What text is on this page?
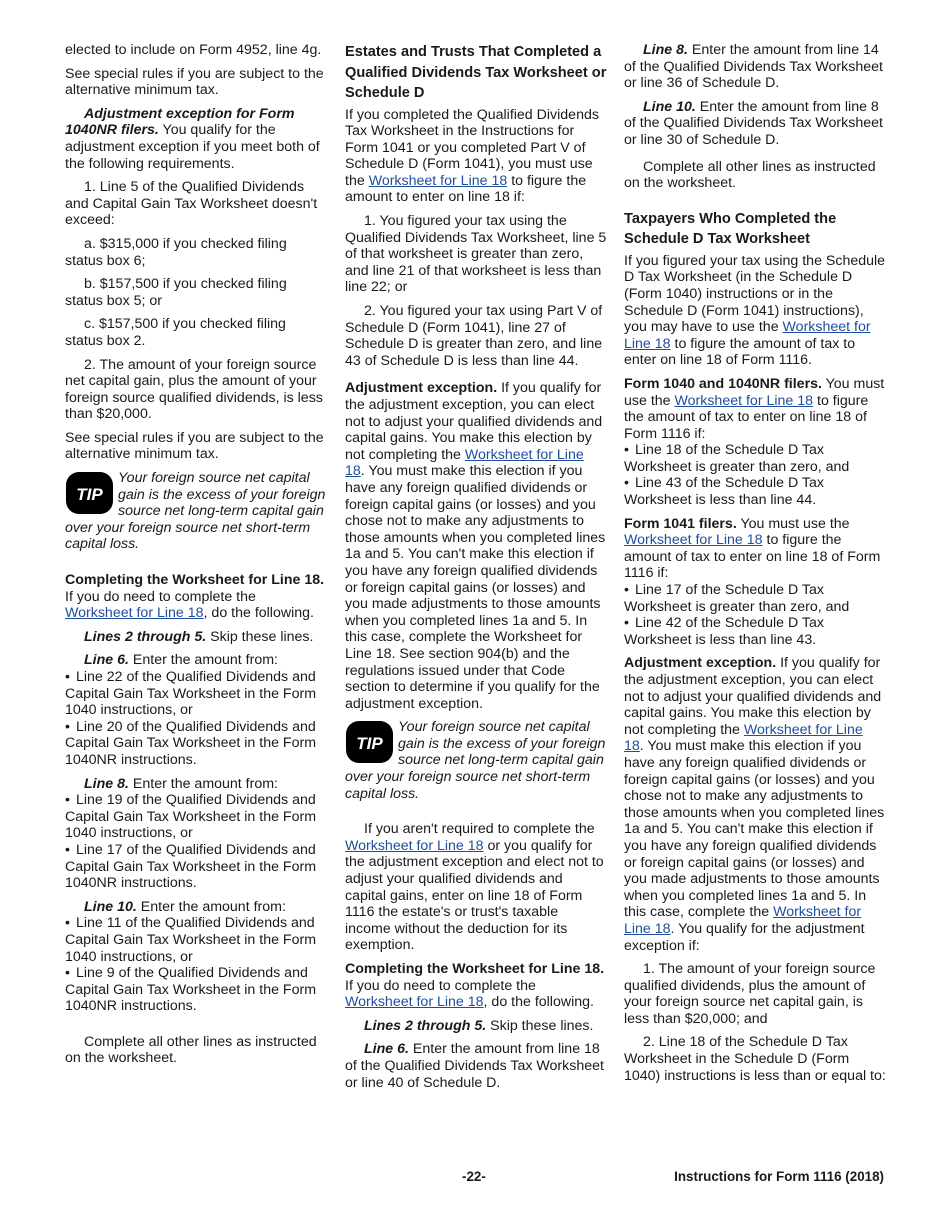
elected to include on Form 4952, line 4g.

See special rules if you are subject to the alternative minimum tax.

Adjustment exception for Form 1040NR filers. You qualify for the adjustment exception if you meet both of the following requirements.

1. Line 5 of the Qualified Dividends and Capital Gain Tax Worksheet doesn't exceed:

a. $315,000 if you checked filing status box 6;

b. $157,500 if you checked filing status box 5; or

c. $157,500 if you checked filing status box 2.

2. The amount of your foreign source net capital gain, plus the amount of your foreign source qualified dividends, is less than $20,000.

See special rules if you are subject to the alternative minimum tax.

TIP
Your foreign source net capital gain is the excess of your foreign source net long-term capital gain over your foreign source net short-term capital loss.

Completing the Worksheet for Line 18. If you do need to complete the Worksheet for Line 18, do the following.

Lines 2 through 5. Skip these lines.

Line 6. Enter the amount from:
• Line 22 of the Qualified Dividends and Capital Gain Tax Worksheet in the Form 1040 instructions, or
• Line 20 of the Qualified Dividends and Capital Gain Tax Worksheet in the Form 1040NR instructions.

Line 8. Enter the amount from:
• Line 19 of the Qualified Dividends and Capital Gain Tax Worksheet in the Form 1040 instructions, or
• Line 17 of the Qualified Dividends and Capital Gain Tax Worksheet in the Form 1040NR instructions.

Line 10. Enter the amount from:
• Line 11 of the Qualified Dividends and Capital Gain Tax Worksheet in the Form 1040 instructions, or
• Line 9 of the Qualified Dividends and Capital Gain Tax Worksheet in the Form 1040NR instructions.

Complete all other lines as instructed on the worksheet.

Estates and Trusts That Completed a Qualified Dividends Tax Worksheet or Schedule D

If you completed the Qualified Dividends Tax Worksheet in the Instructions for Form 1041 or you completed Part V of Schedule D (Form 1041), you must use the Worksheet for Line 18 to figure the amount to enter on line 18 if:

1. You figured your tax using the Qualified Dividends Tax Worksheet, line 5 of that worksheet is greater than zero, and line 21 of that worksheet is less than line 22; or

2. You figured your tax using Part V of Schedule D (Form 1041), line 27 of Schedule D is greater than zero, and line 43 of Schedule D is less than line 44.

Adjustment exception. If you qualify for the adjustment exception, you can elect not to adjust your qualified dividends and capital gains. You make this election by not completing the Worksheet for Line 18. You must make this election if you have any foreign qualified dividends or foreign capital gains (or losses) and you chose not to make any adjustments to those amounts when you completed lines 1a and 5. You can't make this election if you have any foreign qualified dividends or foreign capital gains (or losses) and you made adjustments to those amounts when you completed lines 1a and 5. In this case, complete the Worksheet for Line 18. See section 904(b) and the regulations issued under that Code section to determine if you qualify for the adjustment exception.

TIP
Your foreign source net capital gain is the excess of your foreign source net long-term capital gain over your foreign source net short-term capital loss.

If you aren't required to complete the Worksheet for Line 18 or you qualify for the adjustment exception and elect not to adjust your qualified dividends and capital gains, enter on line 18 of Form 1116 the estate's or trust's taxable income without the deduction for its exemption.

Completing the Worksheet for Line 18. If you do need to complete the Worksheet for Line 18, do the following.

Lines 2 through 5. Skip these lines.

Line 6. Enter the amount from line 18 of the Qualified Dividends Tax Worksheet or line 40 of Schedule D.

Line 8. Enter the amount from line 14 of the Qualified Dividends Tax Worksheet or line 36 of Schedule D.

Line 10. Enter the amount from line 8 of the Qualified Dividends Tax Worksheet or line 30 of Schedule D.

Complete all other lines as instructed on the worksheet.

Taxpayers Who Completed the Schedule D Tax Worksheet

If you figured your tax using the Schedule D Tax Worksheet (in the Schedule D (Form 1040) instructions or in the Schedule D (Form 1041) instructions), you may have to use the Worksheet for Line 18 to figure the amount of tax to enter on line 18 of Form 1116.

Form 1040 and 1040NR filers. You must use the Worksheet for Line 18 to figure the amount of tax to enter on line 18 of Form 1116 if:
• Line 18 of the Schedule D Tax Worksheet is greater than zero, and
• Line 43 of the Schedule D Tax Worksheet is less than line 44.

Form 1041 filers. You must use the Worksheet for Line 18 to figure the amount of tax to enter on line 18 of Form 1116 if:
• Line 17 of the Schedule D Tax Worksheet is greater than zero, and
• Line 42 of the Schedule D Tax Worksheet is less than line 43.

Adjustment exception. If you qualify for the adjustment exception, you can elect not to adjust your qualified dividends and capital gains. You make this election by not completing the Worksheet for Line 18. You must make this election if you have any foreign qualified dividends or foreign capital gains (or losses) and you chose not to make any adjustments to those amounts when you completed lines 1a and 5. You can't make this election if you have any foreign qualified dividends or foreign capital gains (or losses) and you made adjustments to those amounts when you completed lines 1a and 5. In this case, complete the Worksheet for Line 18. You qualify for the adjustment exception if:

1. The amount of your foreign source qualified dividends, plus the amount of your foreign source net capital gain, is less than $20,000; and

2. Line 18 of the Schedule D Tax Worksheet in the Schedule D (Form 1040) instructions is less than or equal to:

-22-	Instructions for Form 1116 (2018)
